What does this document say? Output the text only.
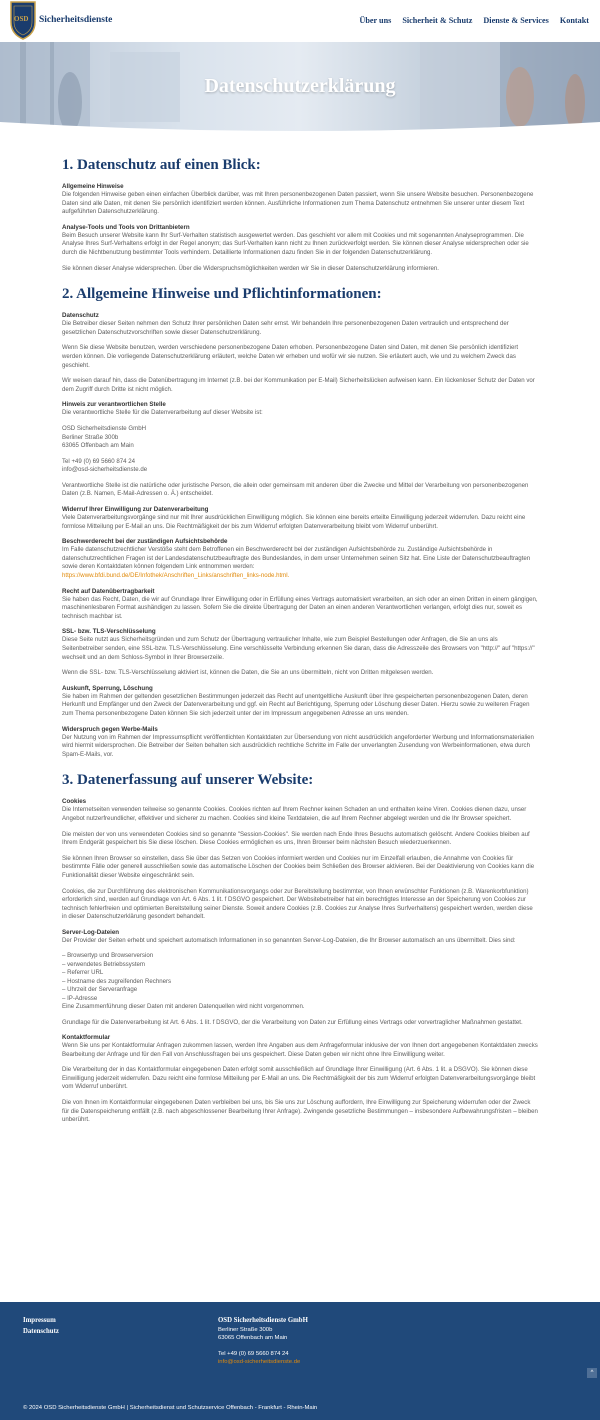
OSD Sicherheitsdienste	Über uns Sicherheit & Schutz Dienste & Services Kontakt
Datenschutzerklärung
1. Datenschutz auf einen Blick:
Allgemeine Hinweise
Die folgenden Hinweise geben einen einfachen Überblick darüber, was mit Ihren personenbezogenen Daten passiert, wenn Sie unsere Website besuchen. Personenbezogene Daten sind alle Daten, mit denen Sie persönlich identifiziert werden können. Ausführliche Informationen zum Thema Datenschutz entnehmen Sie unserer unter diesem Text aufgeführten Datenschutzerklärung.
Analyse-Tools und Tools von Drittanbietern
Beim Besuch unserer Website kann Ihr Surf-Verhalten statistisch ausgewertet werden. Das geschieht vor allem mit Cookies und mit sogenannten Analyseprogrammen. Die Analyse Ihres Surf-Verhaltens erfolgt in der Regel anonym; das Surf-Verhalten kann nicht zu Ihnen zurückverfolgt werden. Sie können dieser Analyse widersprechen oder sie durch die Nichtbenutzung bestimmter Tools verhindern. Detaillierte Informationen dazu finden Sie in der folgenden Datenschutzerklärung.
Sie können dieser Analyse widersprechen. Über die Widerspruchsmöglichkeiten werden wir Sie in dieser Datenschutzerklärung informieren.
2. Allgemeine Hinweise und Pflichtinformationen:
Datenschutz
Die Betreiber dieser Seiten nehmen den Schutz Ihrer persönlichen Daten sehr ernst. Wir behandeln Ihre personenbezogenen Daten vertraulich und entsprechend der gesetzlichen Datenschutzvorschriften sowie dieser Datenschutzerklärung.
Wenn Sie diese Website benutzen, werden verschiedene personenbezogene Daten erhoben. Personenbezogene Daten sind Daten, mit denen Sie persönlich identifiziert werden können. Die vorliegende Datenschutzerklärung erläutert, welche Daten wir erheben und wofür wir sie nutzen. Sie erläutert auch, wie und zu welchem Zweck das geschieht.
Wir weisen darauf hin, dass die Datenübertragung im Internet (z.B. bei der Kommunikation per E-Mail) Sicherheitslücken aufweisen kann. Ein lückenloser Schutz der Daten vor dem Zugriff durch Dritte ist nicht möglich.
Hinweis zur verantwortlichen Stelle
Die verantwortliche Stelle für die Datenverarbeitung auf dieser Website ist:
OSD Sicherheitsdienste GmbH
Berliner Straße 300b
63065 Offenbach am Main
Tel +49 (0) 69 5660 874 24
info@osd-sicherheitsdienste.de
Verantwortliche Stelle ist die natürliche oder juristische Person, die allein oder gemeinsam mit anderen über die Zwecke und Mittel der Verarbeitung von personenbezogenen Daten (z.B. Namen, E-Mail-Adressen o. Ä.) entscheidet.
Widerruf Ihrer Einwilligung zur Datenverarbeitung
Viele Datenverarbeitungsvorgänge sind nur mit Ihrer ausdrücklichen Einwilligung möglich. Sie können eine bereits erteilte Einwilligung jederzeit widerrufen. Dazu reicht eine formlose Mitteilung per E-Mail an uns. Die Rechtmäßigkeit der bis zum Widerruf erfolgten Datenverarbeitung bleibt vom Widerruf unberührt.
Beschwerderecht bei der zuständigen Aufsichtsbehörde
Im Falle datenschutzrechtlicher Verstöße steht dem Betroffenen ein Beschwerderecht bei der zuständigen Aufsichtsbehörde zu. Zuständige Aufsichtsbehörde in datenschutzrechtlichen Fragen ist der Landesdatenschutzbeauftragte des Bundeslandes, in dem unser Unternehmen seinen Sitz hat. Eine Liste der Datenschutzbeauftragten sowie deren Kontaktdaten können folgendem Link entnommen werden:
https://www.bfdi.bund.de/DE/Infothek/Anschriften_Links/anschriften_links-node.html.
Recht auf Datenübertragbarkeit
Sie haben das Recht, Daten, die wir auf Grundlage Ihrer Einwilligung oder in Erfüllung eines Vertrags automatisiert verarbeiten, an sich oder an einen Dritten in einem gängigen, maschinenlesbaren Format aushändigen zu lassen. Sofern Sie die direkte Übertragung der Daten an einen anderen Verantwortlichen verlangen, erfolgt dies nur, soweit es technisch machbar ist.
SSL- bzw. TLS-Verschlüsselung
Diese Seite nutzt aus Sicherheitsgründen und zum Schutz der Übertragung vertraulicher Inhalte, wie zum Beispiel Bestellungen oder Anfragen, die Sie an uns als Seitenbetreiber senden, eine SSL-bzw. TLS-Verschlüsselung. Eine verschlüsselte Verbindung erkennen Sie daran, dass die Adresszeile des Browsers von "http://" auf "https://" wechselt und an dem Schloss-Symbol in Ihrer Browserzeile.
Wenn die SSL- bzw. TLS-Verschlüsselung aktiviert ist, können die Daten, die Sie an uns übermitteln, nicht von Dritten mitgelesen werden.
Auskunft, Sperrung, Löschung
Sie haben im Rahmen der geltenden gesetzlichen Bestimmungen jederzeit das Recht auf unentgeltliche Auskunft über Ihre gespeicherten personenbezogenen Daten, deren Herkunft und Empfänger und den Zweck der Datenverarbeitung und ggf. ein Recht auf Berichtigung, Sperrung oder Löschung dieser Daten. Hierzu sowie zu weiteren Fragen zum Thema personenbezogene Daten können Sie sich jederzeit unter der im Impressum angegebenen Adresse an uns wenden.
Widerspruch gegen Werbe-Mails
Der Nutzung von im Rahmen der Impressumspflicht veröffentlichten Kontaktdaten zur Übersendung von nicht ausdrücklich angeforderter Werbung und Informationsmaterialien wird hiermit widersprochen. Die Betreiber der Seiten behalten sich ausdrücklich rechtliche Schritte im Falle der unverlangten Zusendung von Werbeinformationen, etwa durch Spam-E-Mails, vor.
3. Datenerfassung auf unserer Website:
Cookies
Die Internetseiten verwenden teilweise so genannte Cookies. Cookies richten auf Ihrem Rechner keinen Schaden an und enthalten keine Viren. Cookies dienen dazu, unser Angebot nutzerfreundlicher, effektiver und sicherer zu machen. Cookies sind kleine Textdateien, die auf Ihrem Rechner abgelegt werden und die Ihr Browser speichert.
Die meisten der von uns verwendeten Cookies sind so genannte "Session-Cookies". Sie werden nach Ende Ihres Besuchs automatisch gelöscht. Andere Cookies bleiben auf Ihrem Endgerät gespeichert bis Sie diese löschen. Diese Cookies ermöglichen es uns, Ihren Browser beim nächsten Besuch wiederzuerkennen.
Sie können Ihren Browser so einstellen, dass Sie über das Setzen von Cookies informiert werden und Cookies nur im Einzelfall erlauben, die Annahme von Cookies für bestimmte Fälle oder generell ausschließen sowie das automatische Löschen der Cookies beim Schließen des Browser aktivieren. Bei der Deaktivierung von Cookies kann die Funktionalität dieser Website eingeschränkt sein.
Cookies, die zur Durchführung des elektronischen Kommunikationsvorgangs oder zur Bereitstellung bestimmter, von Ihnen erwünschter Funktionen (z.B. Warenkorbfunktion) erforderlich sind, werden auf Grundlage von Art. 6 Abs. 1 lit. f DSGVO gespeichert. Der Websitebetreiber hat ein berechtigtes Interesse an der Speicherung von Cookies zur technisch fehlerfreien und optimierten Bereitstellung seiner Dienste. Soweit andere Cookies (z.B. Cookies zur Analyse Ihres Surfverhaltens) gespeichert werden, werden diese in dieser Datenschutzerklärung gesondert behandelt.
Server-Log-Dateien
Der Provider der Seiten erhebt und speichert automatisch Informationen in so genannten Server-Log-Dateien, die Ihr Browser automatisch an uns übermittelt. Dies sind:
– Browsertyp und Browserversion
– verwendetes Betriebssystem
– Referrer URL
– Hostname des zugreifenden Rechners
– Uhrzeit der Serveranfrage
– IP-Adresse
Eine Zusammenführung dieser Daten mit anderen Datenquellen wird nicht vorgenommen.
Grundlage für die Datenverarbeitung ist Art. 6 Abs. 1 lit. f DSGVO, der die Verarbeitung von Daten zur Erfüllung eines Vertrags oder vorvertraglicher Maßnahmen gestattet.
Kontaktformular
Wenn Sie uns per Kontaktformular Anfragen zukommen lassen, werden Ihre Angaben aus dem Anfrageformular inklusive der von Ihnen dort angegebenen Kontaktdaten zwecks Bearbeitung der Anfrage und für den Fall von Anschlussfragen bei uns gespeichert. Diese Daten geben wir nicht ohne Ihre Einwilligung weiter.
Die Verarbeitung der in das Kontaktformular eingegebenen Daten erfolgt somit ausschließlich auf Grundlage Ihrer Einwilligung (Art. 6 Abs. 1 lit. a DSGVO). Sie können diese Einwilligung jederzeit widerrufen. Dazu reicht eine formlose Mitteilung per E-Mail an uns. Die Rechtmäßigkeit der bis zum Widerruf erfolgten Datenverarbeitungsvorgänge bleibt vom Widerruf unberührt.
Die von Ihnen im Kontaktformular eingegebenen Daten verbleiben bei uns, bis Sie uns zur Löschung auffordern, Ihre Einwilligung zur Speicherung widerrufen oder der Zweck für die Datenspeicherung entfällt (z.B. nach abgeschlossener Bearbeitung Ihrer Anfrage). Zwingende gesetzliche Bestimmungen – insbesondere Aufbewahrungsfristen – bleiben unberührt.
Impressum
Datenschutz
OSD Sicherheitsdienste GmbH
Berliner Straße 300b
63065 Offenbach am Main
Tel +49 (0) 69 5660 874 24
info@osd-sicherheitsdienste.de
^
© 2024 OSD Sicherheitsdienste GmbH | Sicherheitsdienst und Schutzservice Offenbach - Frankfurt - Rhein-Main
